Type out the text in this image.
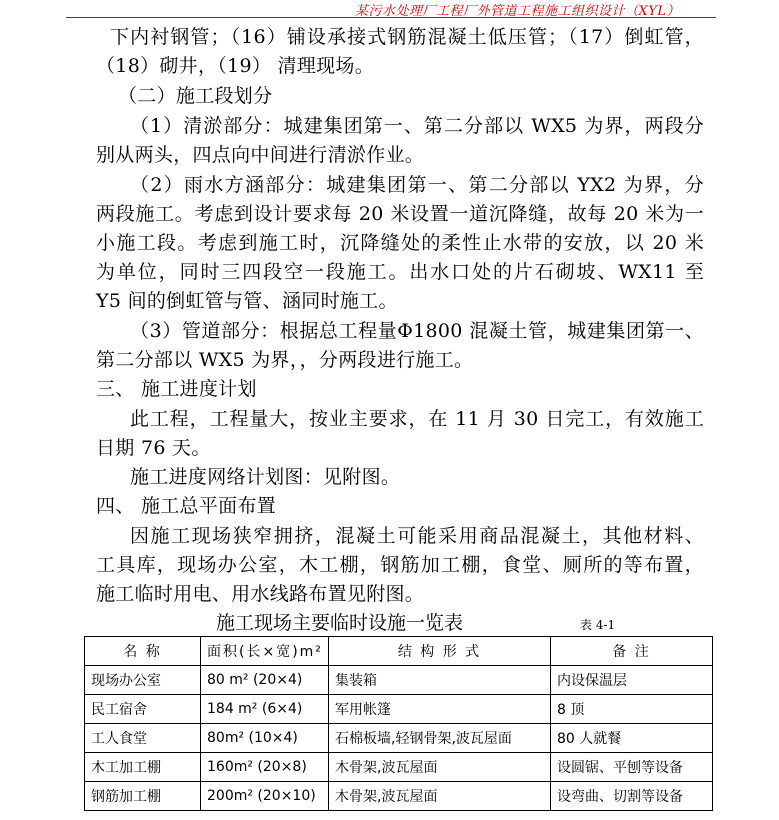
某污水处理厂工程厂外管道工程施工组织设计（XYL）
下内衬钢管；（16）铺设承接式钢筋混凝土低压管；（17）倒虹管，
（18）砌井，（19） 清理现场。
（二）施工段划分
（1）清淤部分：城建集团第一、第二分部以 WX5 为界，两段分
别从两头，四点向中间进行清淤作业。
（2）雨水方涵部分：城建集团第一、第二分部以 YX2 为界，分
两段施工。考虑到设计要求每 20 米设置一道沉降缝，故每 20 米为一
小施工段。考虑到施工时，沉降缝处的柔性止水带的安放，以 20 米
为单位，同时三四段空一段施工。出水口处的片石砌坡、WX11 至
Y5 间的倒虹管与管、涵同时施工。
（3）管道部分：根据总工程量Φ1800 混凝土管，城建集团第一、
第二分部以 WX5 为界，，分两段进行施工。
三、 施工进度计划
此工程，工程量大，按业主要求，在 11 月 30 日完工，有效施工
日期 76 天。
施工进度网络计划图：见附图。
四、 施工总平面布置
因施工现场狭窄拥挤，混凝土可能采用商品混凝土，其他材料、
工具库，现场办公室，木工棚，钢筋加工棚，食堂、厕所的等布置，
施工临时用电、用水线路布置见附图。
施工现场主要临时设施一览表	表 4-1
名 称	面积(长×宽)m²	结 构 形 式	备 注
现场办公室	80 m² (20×4)	集装箱	内设保温层
民工宿舍	184 m² (6×4)	军用帐篷	8 顶
工人食堂	80m² (10×4)	石棉板墙,轻钢骨架,波瓦屋面	80 人就餐
木工加工棚	160m² (20×8)	木骨架,波瓦屋面	设圆锯、平刨等设备
钢筋加工棚	200m² (20×10)	木骨架,波瓦屋面	设弯曲、切割等设备
